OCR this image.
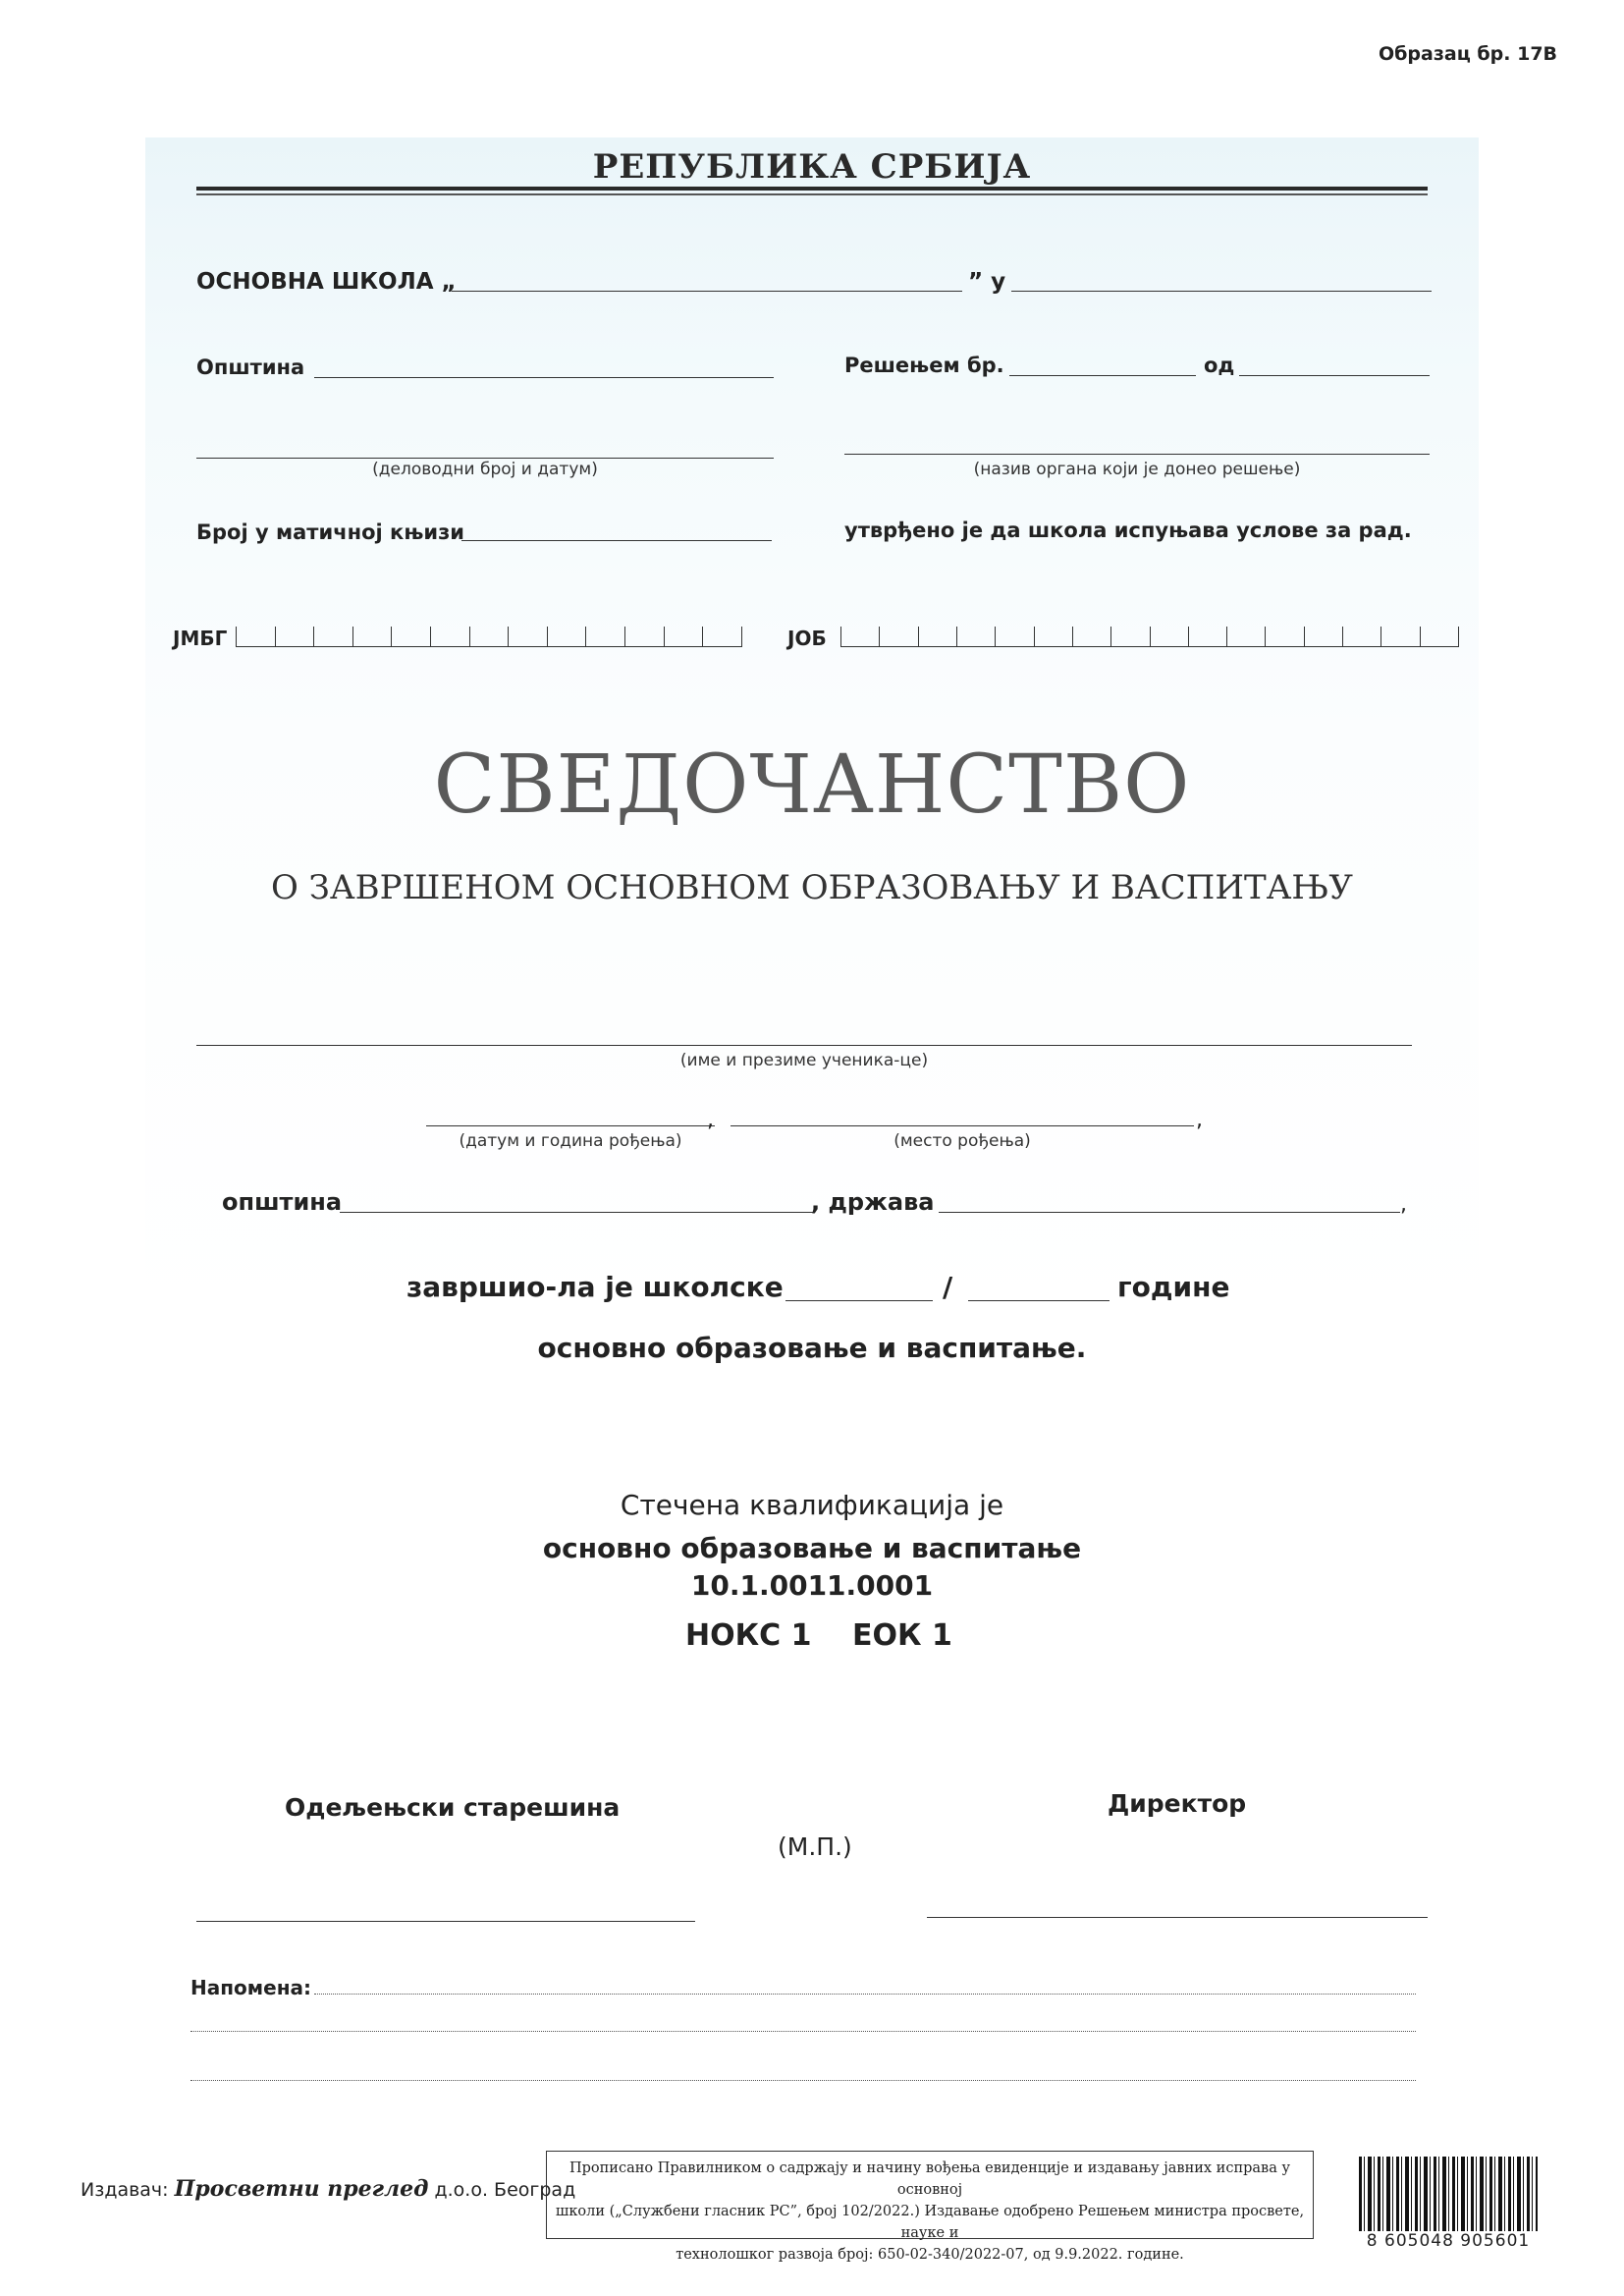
Образац бр. 17В
РЕПУБЛИКА СРБИЈА
ОСНОВНА ШКОЛА „	” у
Општина	Решењем бр.	од
(деловодни број и датум)	(назив органа који је донео решење)
Број у матичној књизи	утврђено је да школа испуњава услове за рад.
ЈМБГ	ЈОБ
СВЕДОЧАНСТВО
О ЗАВРШЕНОМ ОСНОВНОМ ОБРАЗОВАЊУ И ВАСПИТАЊУ
(име и презиме ученика-це)
,	,
(датум и година рођења)	(место рођења)
општина	, држава	,
завршио-ла је школске	/	године
основно образовање и васпитање.
Стечена квалификација је
основно образовање и васпитање
10.1.0011.0001
НОКС 1 ЕОК 1
Одељењски старешина	Директор
(М.П.)
Напомена:
Издавач: Просветни преглед д.о.о. Београд
Прописано Правилником о садржају и начину вођења евиденције и издавању јавних исправа у основној
школи („Службени гласник РС”, број 102/2022.) Издавање одобрено Решењем министра просвете, науке и
технолошког развоја број: 650-02-340/2022-07, од 9.9.2022. године.
8 605048 905601
